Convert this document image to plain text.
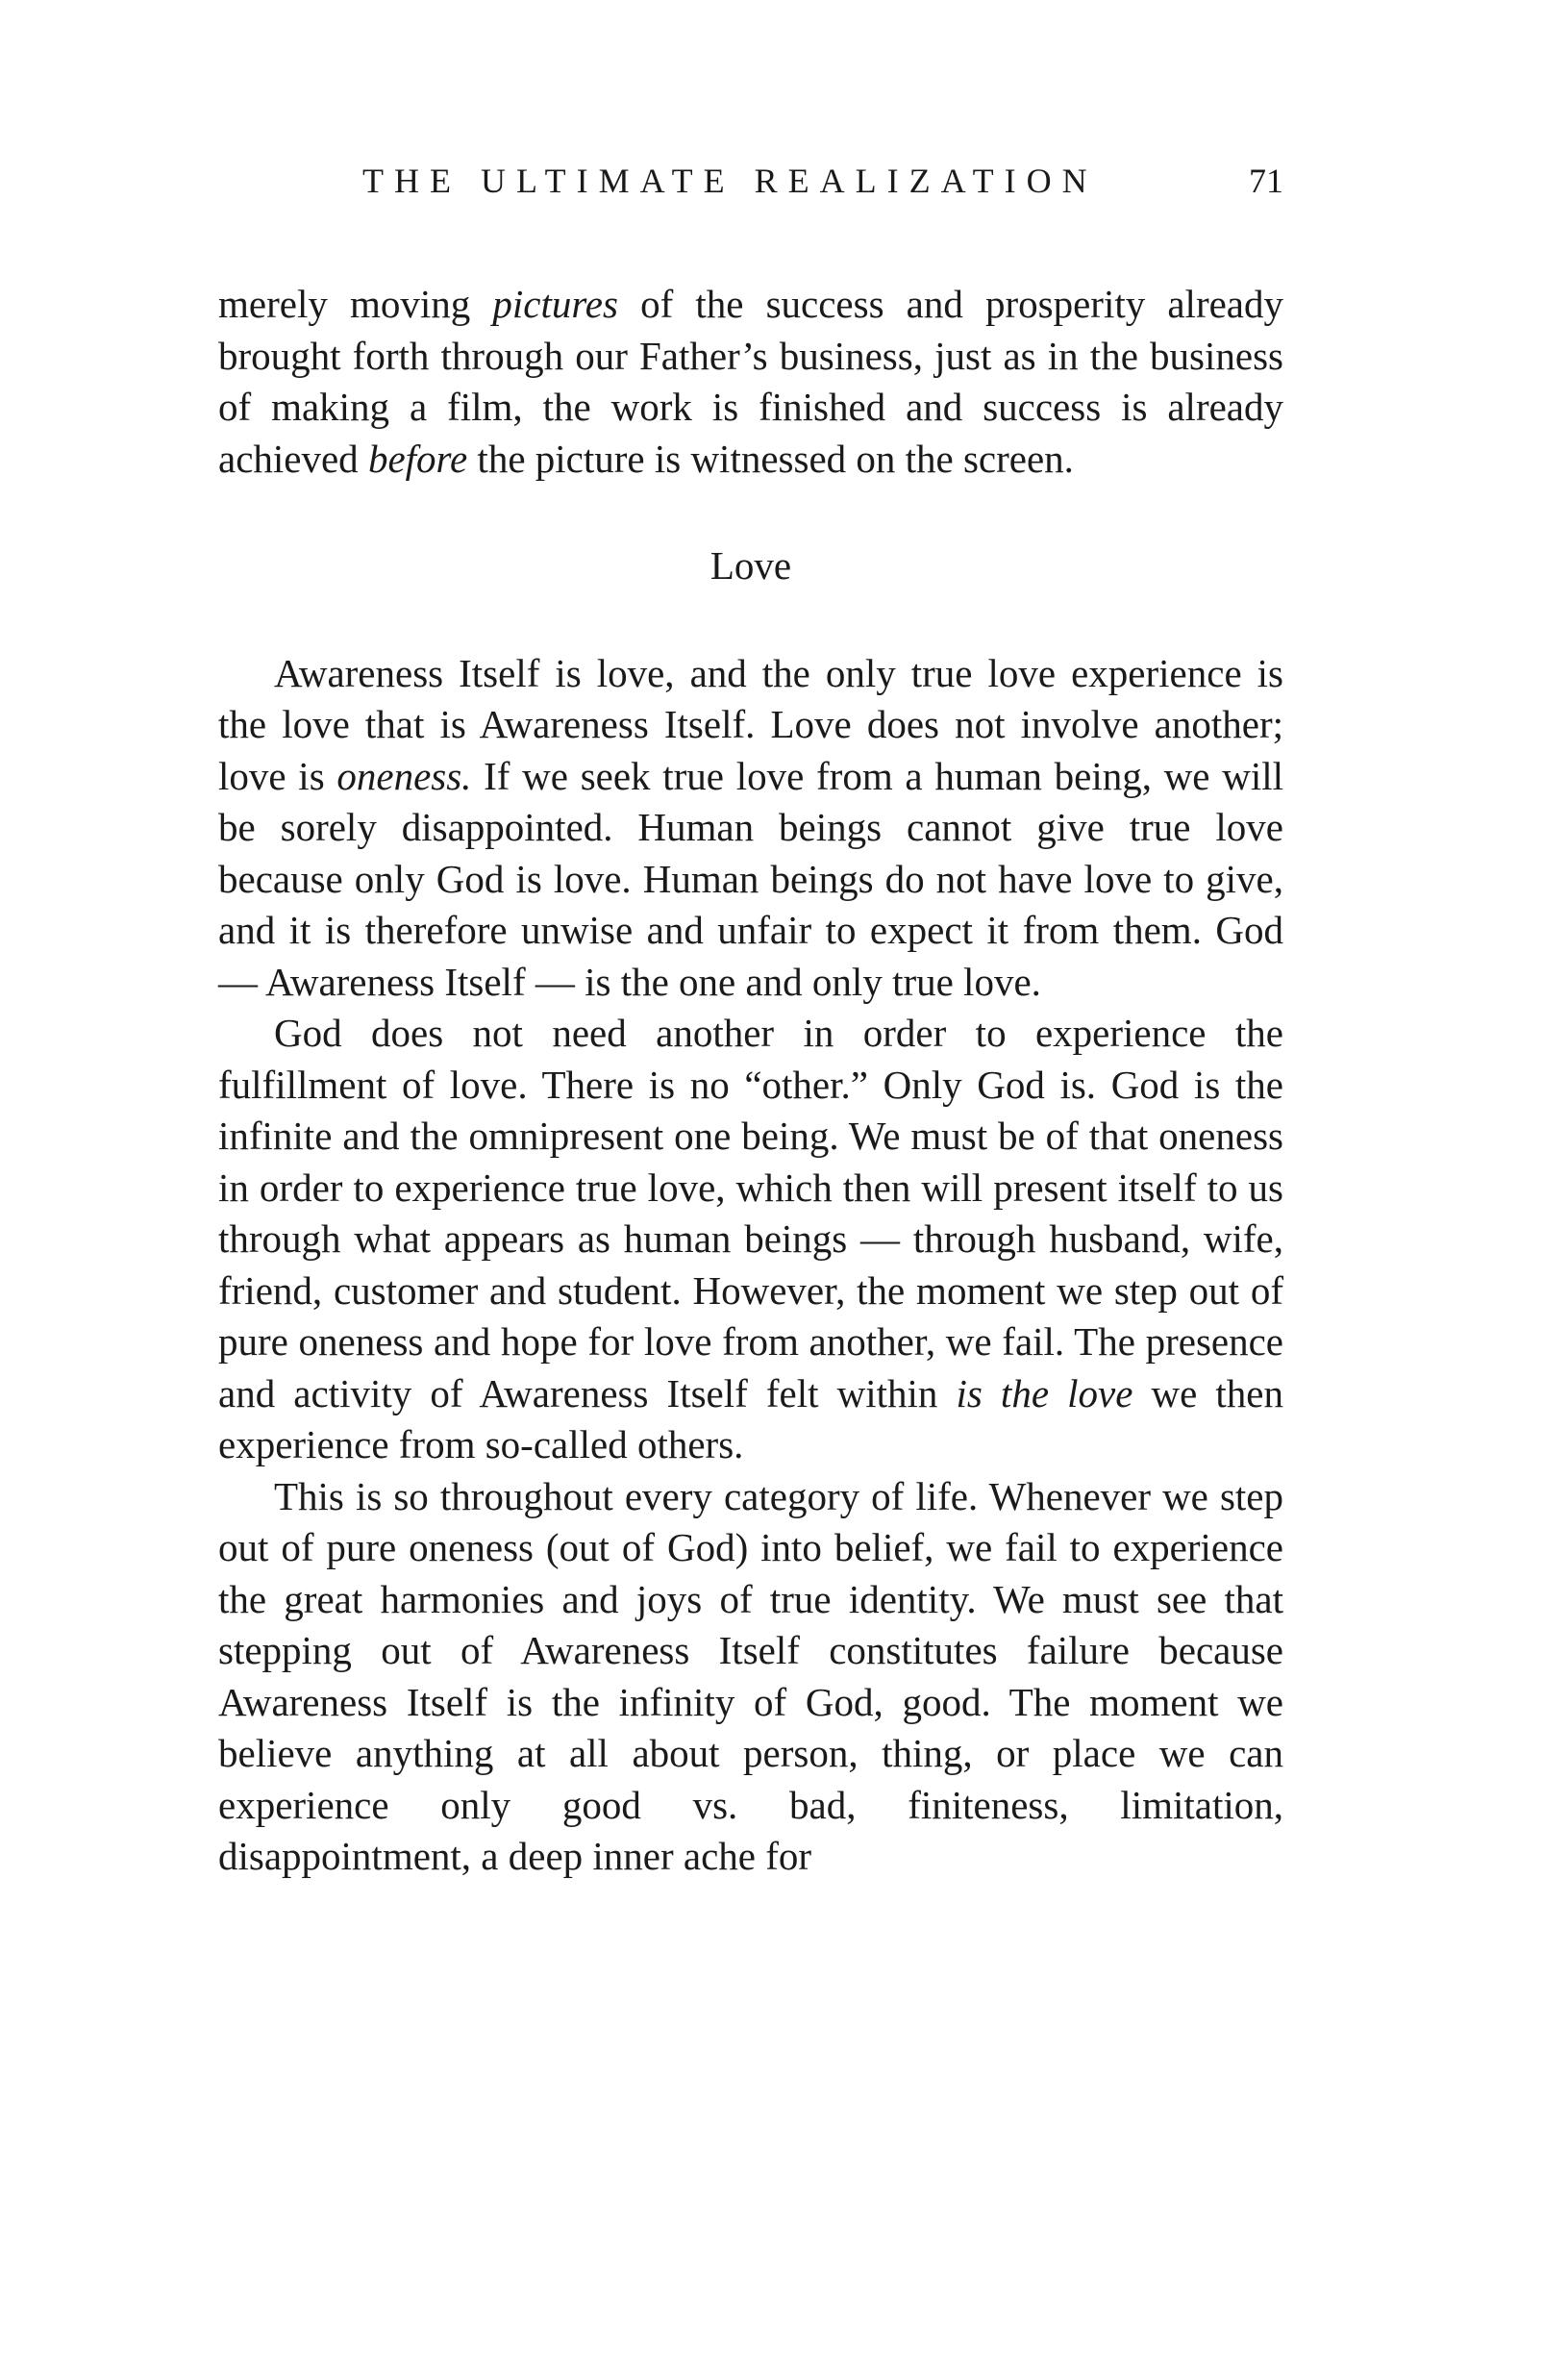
THE ULTIMATE REALIZATION	71

merely moving pictures of the success and prosperity already brought forth through our Father’s business, just as in the business of making a film, the work is finished and success is already achieved before the picture is witnessed on the screen.

Love

Awareness Itself is love, and the only true love experience is the love that is Awareness Itself. Love does not involve another; love is oneness. If we seek true love from a human being, we will be sorely disappointed. Human beings cannot give true love because only God is love. Human beings do not have love to give, and it is therefore unwise and unfair to expect it from them. God — Awareness Itself — is the one and only true love.

God does not need another in order to experience the fulfillment of love. There is no “other.” Only God is. God is the infinite and the omnipresent one being. We must be of that oneness in order to experience true love, which then will present itself to us through what appears as human beings — through husband, wife, friend, customer and student. However, the moment we step out of pure oneness and hope for love from another, we fail. The presence and activity of Awareness Itself felt within is the love we then experience from so-called others.

This is so throughout every category of life. Whenever we step out of pure oneness (out of God) into belief, we fail to experience the great harmonies and joys of true identity. We must see that stepping out of Awareness Itself constitutes failure because Awareness Itself is the infinity of God, good. The moment we believe anything at all about person, thing, or place we can experience only good vs. bad, finiteness, limitation, disappointment, a deep inner ache for
